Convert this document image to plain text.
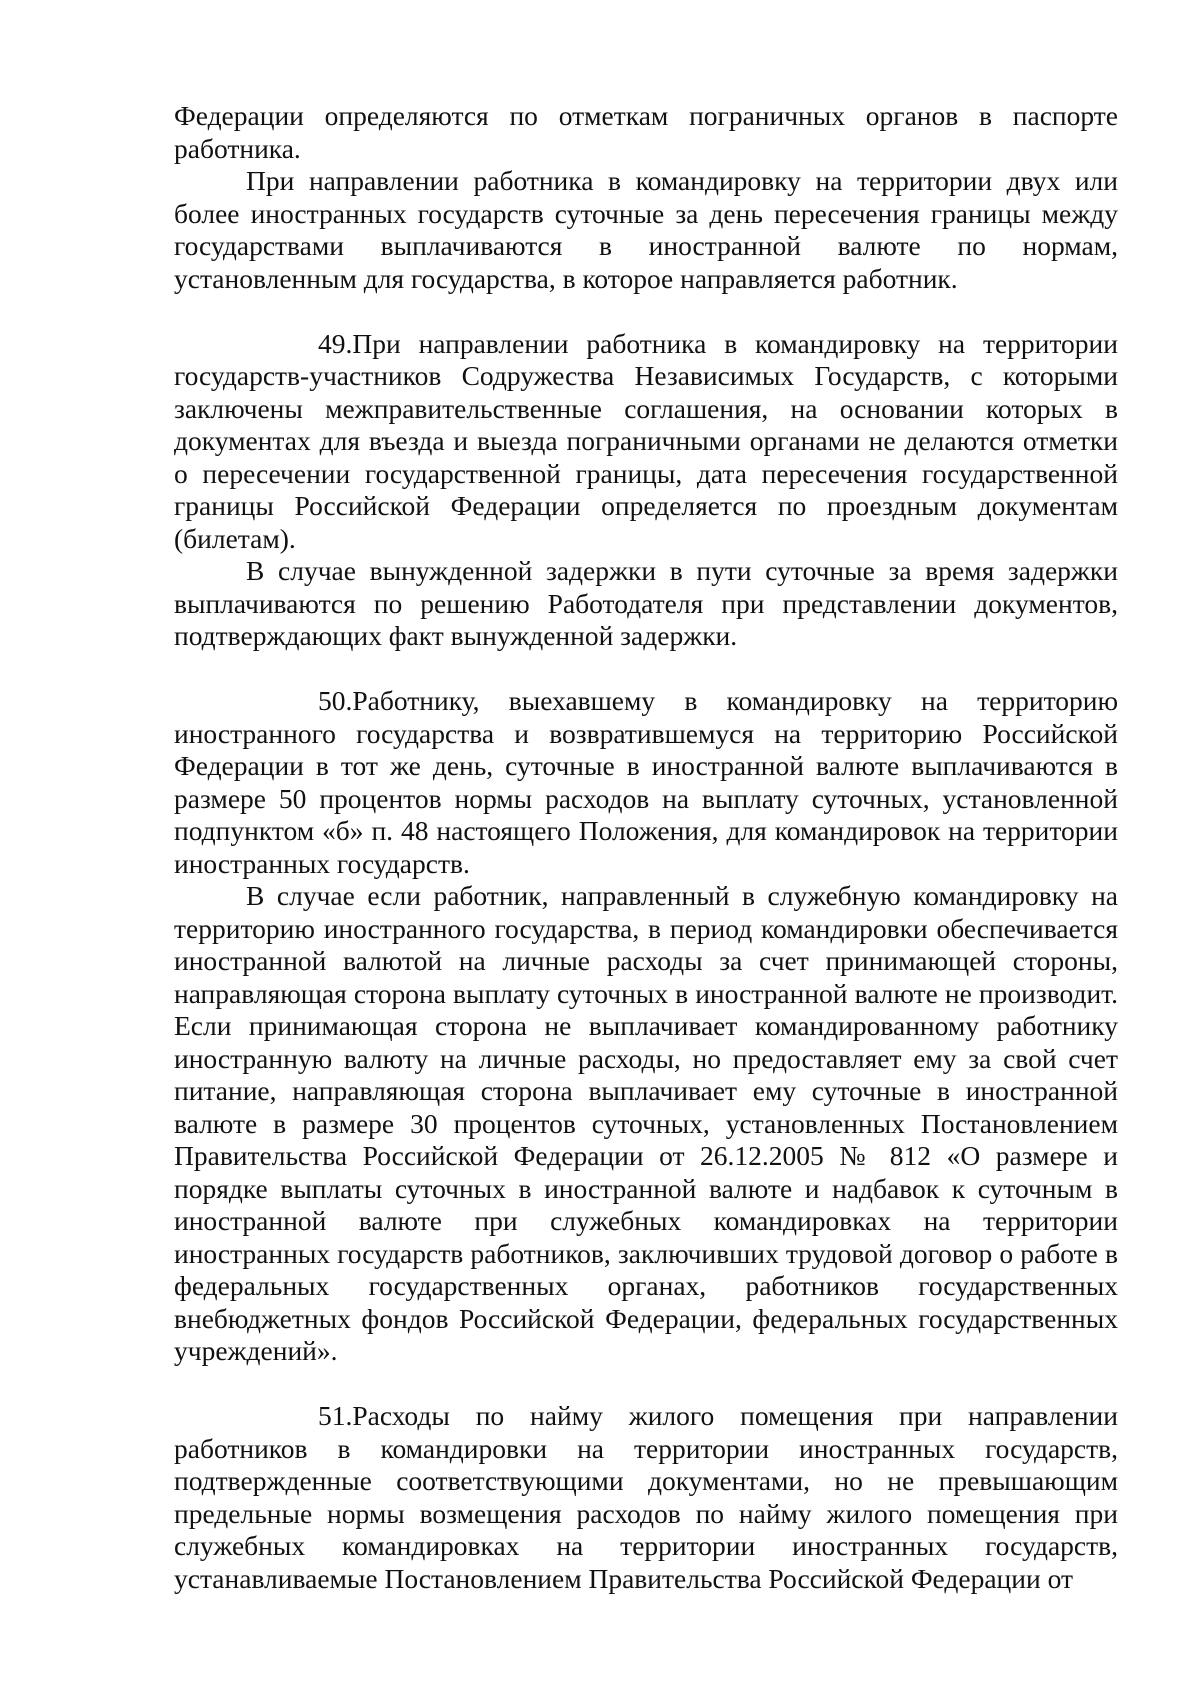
Федерации определяются по отметкам пограничных органов в паспорте работника.

При направлении работника в командировку на территории двух или более иностранных государств суточные за день пересечения границы между государствами выплачиваются в иностранной валюте по нормам, установленным для государства, в которое направляется работник.

49.При направлении работника в командировку на территории государств-участников Содружества Независимых Государств, с которыми заключены межправительственные соглашения, на основании которых в документах для въезда и выезда пограничными органами не делаются отметки о пересечении государственной границы, дата пересечения государственной границы Российской Федерации определяется по проездным документам (билетам).

В случае вынужденной задержки в пути суточные за время задержки выплачиваются по решению Работодателя при представлении документов, подтверждающих факт вынужденной задержки.

50.Работнику, выехавшему в командировку на территорию иностранного государства и возвратившемуся на территорию Российской Федерации в тот же день, суточные в иностранной валюте выплачиваются в размере 50 процентов нормы расходов на выплату суточных, установленной подпунктом «б» п. 48 настоящего Положения, для командировок на территории иностранных государств.

В случае если работник, направленный в служебную командировку на территорию иностранного государства, в период командировки обеспечивается иностранной валютой на личные расходы за счет принимающей стороны, направляющая сторона выплату суточных в иностранной валюте не производит. Если принимающая сторона не выплачивает командированному работнику иностранную валюту на личные расходы, но предоставляет ему за свой счет питание, направляющая сторона выплачивает ему суточные в иностранной валюте в размере 30 процентов суточных, установленных Постановлением Правительства Российской Федерации от 26.12.2005 № 812 «О размере и порядке выплаты суточных в иностранной валюте и надбавок к суточным в иностранной валюте при служебных командировках на территории иностранных государств работников, заключивших трудовой договор о работе в федеральных государственных органах, работников государственных внебюджетных фондов Российской Федерации, федеральных государственных учреждений».

51.Расходы по найму жилого помещения при направлении работников в командировки на территории иностранных государств, подтвержденные соответствующими документами, но не превышающим предельные нормы возмещения расходов по найму жилого помещения при служебных командировках на территории иностранных государств, устанавливаемые Постановлением Правительства Российской Федерации от
